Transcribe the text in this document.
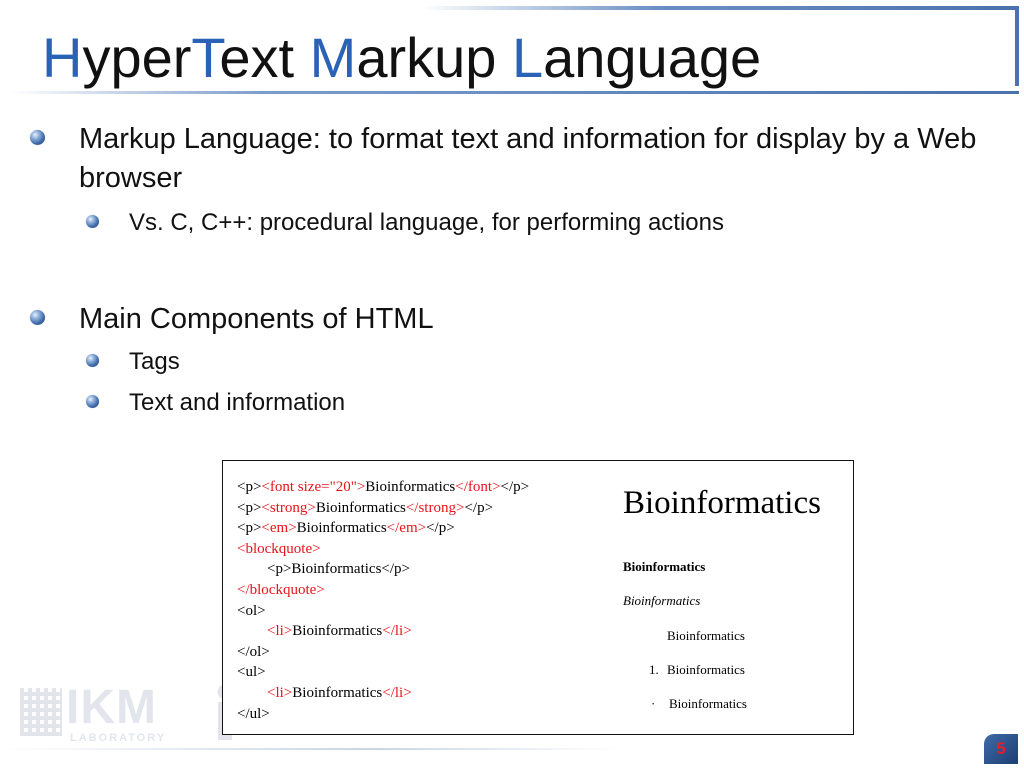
HyperText Markup Language
Markup Language: to format text and information for display by a Web browser
Vs. C, C++: procedural language, for performing actions
Main Components of HTML
Tags
Text and information
IKM
LABORATORY
<p><font size="20">Bioinformatics</font></p>
<p><strong>Bioinformatics</strong></p>
<p><em>Bioinformatics</em></p>
<blockquote>
<p>Bioinformatics</p>
</blockquote>
<ol>
<li>Bioinformatics</li>
</ol>
<ul>
<li>Bioinformatics</li>
</ul>
Bioinformatics
Bioinformatics
Bioinformatics
Bioinformatics
1. Bioinformatics
· Bioinformatics
5
